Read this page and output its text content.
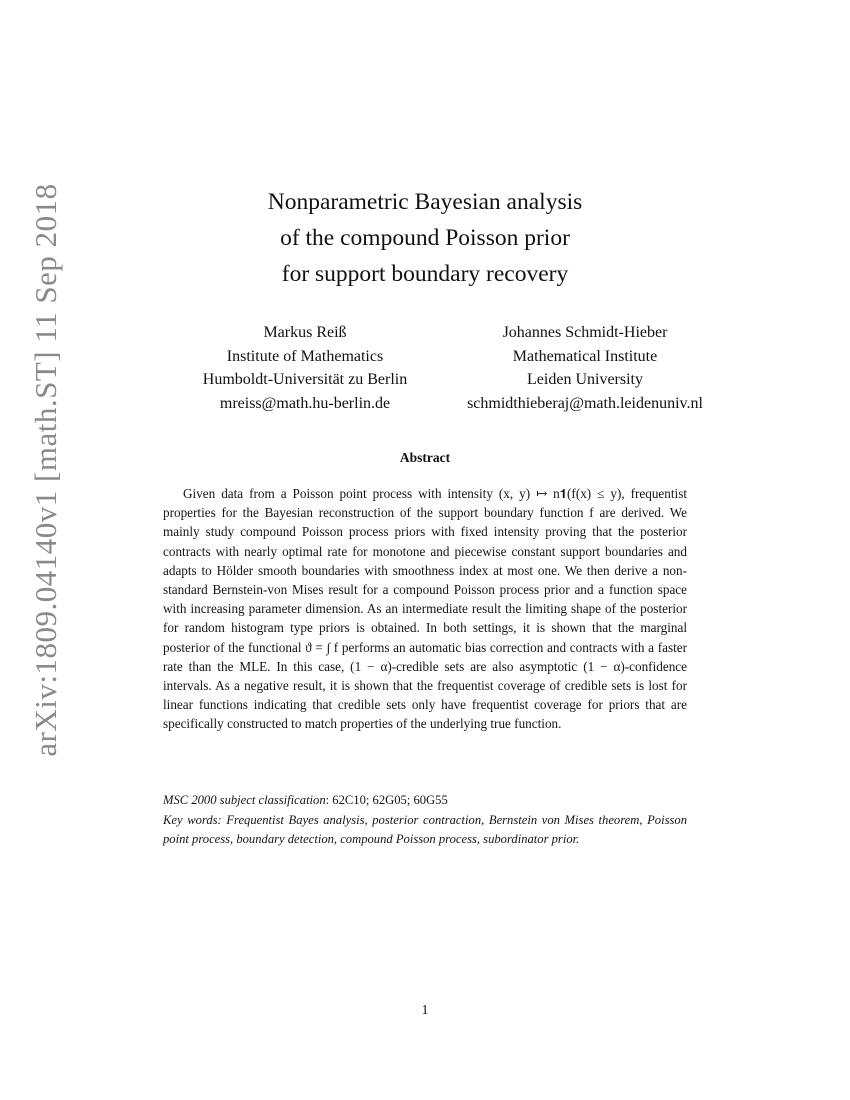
arXiv:1809.04140v1 [math.ST] 11 Sep 2018	Nonparametric Bayesian analysis
of the compound Poisson prior
for support boundary recovery
Markus Reiß
Institute of Mathematics
Humboldt-Universität zu Berlin
mreiss@math.hu-berlin.de
Johannes Schmidt-Hieber
Mathematical Institute
Leiden University
schmidthieberaj@math.leidenuniv.nl
Abstract
Given data from a Poisson point process with intensity (x, y) ↦ n𝟏(f(x) ≤ y), frequentist properties for the Bayesian reconstruction of the support boundary function f are derived. We mainly study compound Poisson process priors with fixed intensity proving that the posterior contracts with nearly optimal rate for monotone and piecewise constant support boundaries and adapts to Hölder smooth boundaries with smoothness index at most one. We then derive a non-standard Bernstein-von Mises result for a compound Poisson process prior and a function space with increasing parameter dimension. As an intermediate result the limiting shape of the posterior for random histogram type priors is obtained. In both settings, it is shown that the marginal posterior of the functional ϑ = ∫ f performs an automatic bias correction and contracts with a faster rate than the MLE. In this case, (1 − α)-credible sets are also asymptotic (1 − α)-confidence intervals. As a negative result, it is shown that the frequentist coverage of credible sets is lost for linear functions indicating that credible sets only have frequentist coverage for priors that are specifically constructed to match properties of the underlying true function.
MSC 2000 subject classification: 62C10; 62G05; 60G55
Key words: Frequentist Bayes analysis, posterior contraction, Bernstein von Mises theorem, Poisson point process, boundary detection, compound Poisson process, subordinator prior.
1
